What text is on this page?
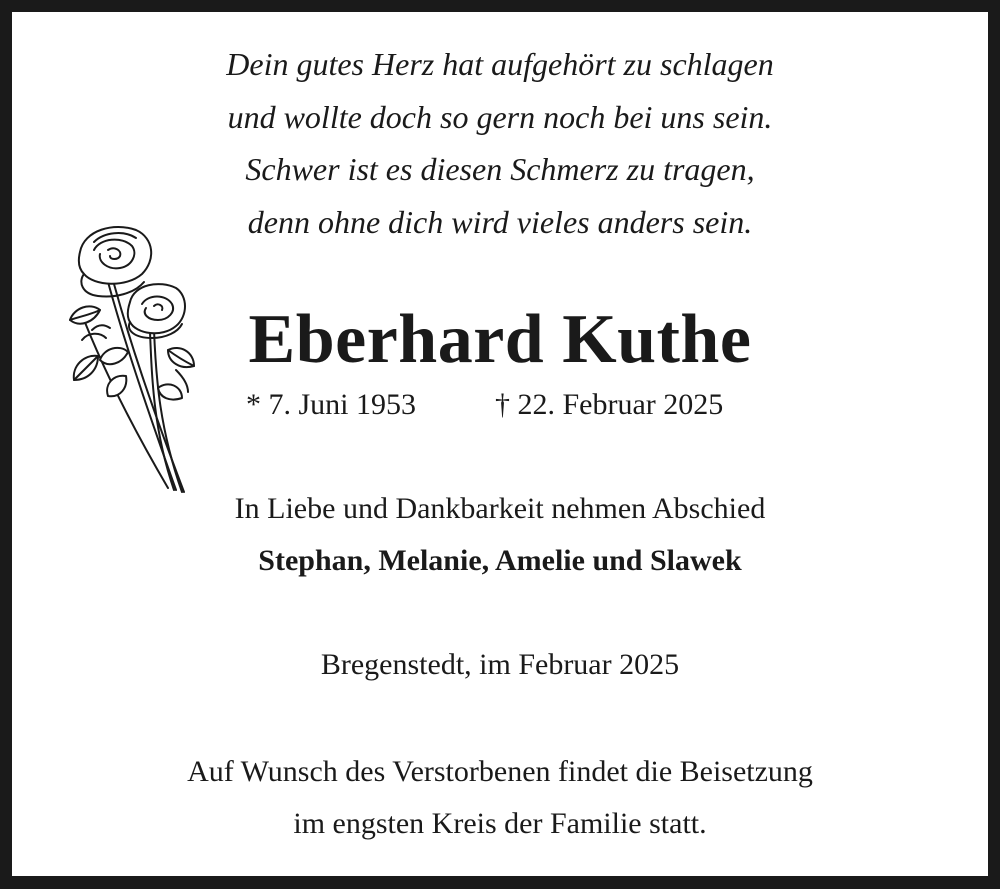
Dein gutes Herz hat aufgehört zu schlagen
und wollte doch so gern noch bei uns sein.
Schwer ist es diesen Schmerz zu tragen,
denn ohne dich wird vieles anders sein.
Eberhard Kuthe
* 7. Juni 1953	† 22. Februar 2025
In Liebe und Dankbarkeit nehmen Abschied
Stephan, Melanie, Amelie und Slawek
Bregenstedt, im Februar 2025
Auf Wunsch des Verstorbenen findet die Beisetzung
im engsten Kreis der Familie statt.
